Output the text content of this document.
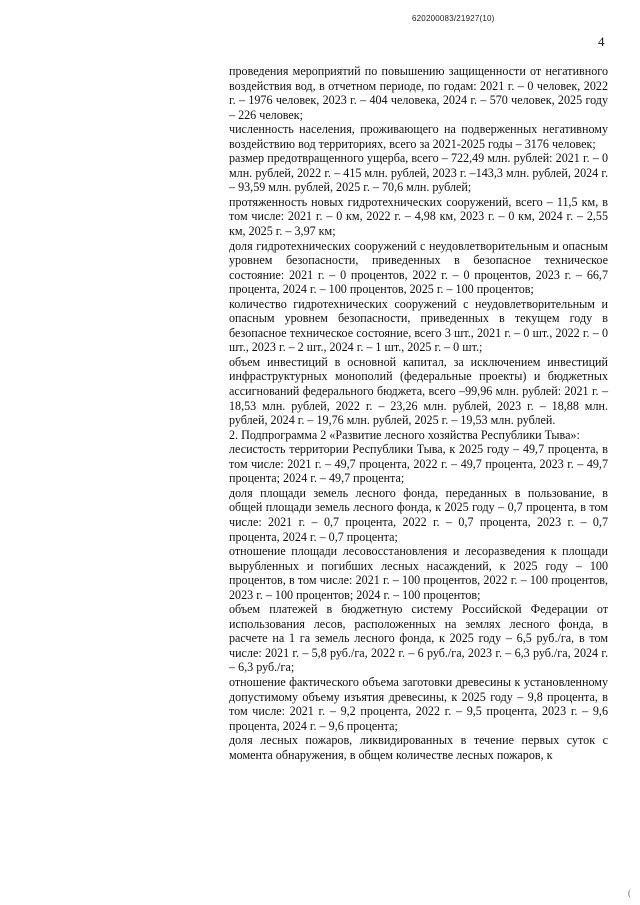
620200083/21927(10)
4

проведения мероприятий по повышению защищенности от негативного воздействия вод, в отчетном периоде, по годам: 2021 г. – 0 человек, 2022 г. – 1976 человек, 2023 г. – 404 человека, 2024 г. – 570 человек, 2025 году – 226 человек;

численность населения, проживающего на подверженных негативному воздействию вод территориях, всего за 2021-2025 годы – 3176 человек;

размер предотвращенного ущерба, всего – 722,49 млн. рублей: 2021 г. – 0 млн. рублей, 2022 г. – 415 млн. рублей, 2023 г. –143,3 млн. рублей, 2024 г. – 93,59 млн. рублей, 2025 г. – 70,6 млн. рублей;

протяженность новых гидротехнических сооружений, всего – 11,5 км, в том числе: 2021 г. – 0 км, 2022 г. – 4,98 км, 2023 г. – 0 км, 2024 г. – 2,55 км, 2025 г. – 3,97 км;

доля гидротехнических сооружений с неудовлетворительным и опасным уровнем безопасности, приведенных в безопасное техническое состояние: 2021 г. – 0 процентов, 2022 г. – 0 процентов, 2023 г. – 66,7 процента, 2024 г. – 100 процентов, 2025 г. – 100 процентов;

количество гидротехнических сооружений с неудовлетворительным и опасным уровнем безопасности, приведенных в текущем году в безопасное техническое состояние, всего 3 шт., 2021 г. – 0 шт., 2022 г. – 0 шт., 2023 г. – 2 шт., 2024 г. – 1 шт., 2025 г. – 0 шт.;

объем инвестиций в основной капитал, за исключением инвестиций инфраструктурных монополий (федеральные проекты) и бюджетных ассигнований федерального бюджета, всего –99,96 млн. рублей: 2021 г. – 18,53 млн. рублей, 2022 г. – 23,26 млн. рублей, 2023 г. – 18,88 млн. рублей, 2024 г. – 19,76 млн. рублей, 2025 г. – 19,53 млн. рублей.

2. Подпрограмма 2 «Развитие лесного хозяйства Республики Тыва»:

лесистость территории Республики Тыва, к 2025 году – 49,7 процента, в том числе: 2021 г. – 49,7 процента, 2022 г. – 49,7 процента, 2023 г. – 49,7 процента; 2024 г. – 49,7 процента;

доля площади земель лесного фонда, переданных в пользование, в общей площади земель лесного фонда, к 2025 году – 0,7 процента, в том числе: 2021 г. – 0,7 процента, 2022 г. – 0,7 процента, 2023 г. – 0,7 процента, 2024 г. – 0,7 процента;

отношение площади лесовосстановления и лесоразведения к площади вырубленных и погибших лесных насаждений, к 2025 году – 100 процентов, в том числе: 2021 г. – 100 процентов, 2022 г. – 100 процентов, 2023 г. – 100 процентов; 2024 г. – 100 процентов;

объем платежей в бюджетную систему Российской Федерации от использования лесов, расположенных на землях лесного фонда, в расчете на 1 га земель лесного фонда, к 2025 году – 6,5 руб./га, в том числе: 2021 г. – 5,8 руб./га, 2022 г. – 6 руб./га, 2023 г. – 6,3 руб./га, 2024 г. – 6,3 руб./га;

отношение фактического объема заготовки древесины к установленному допустимому объему изъятия древесины, к 2025 году – 9,8 процента, в том числе: 2021 г. – 9,2 процента, 2022 г. – 9,5 процента, 2023 г. – 9,6 процента, 2024 г. – 9,6 процента;

доля лесных пожаров, ликвидированных в течение первых суток с момента обнаружения, в общем количестве лесных пожаров, к

(
